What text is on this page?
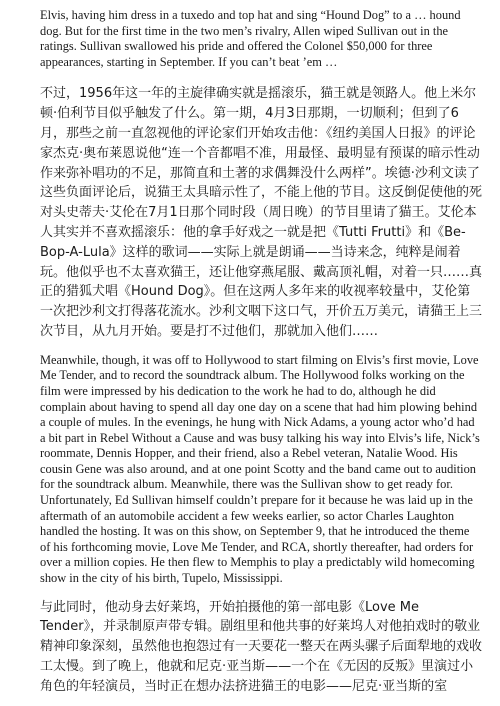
Elvis, having him dress in a tuxedo and top hat and sing “Hound Dog” to a … hound dog. But for the first time in the two men’s rivalry, Allen wiped Sullivan out in the ratings. Sullivan swallowed his pride and offered the Colonel $50,000 for three appearances, starting in September. If you can’t beat ’em …

不过，1956年这一年的主旋律确实就是摇滚乐，猫王就是领路人。他上米尔顿·伯利节目似乎触发了什么。第一期，4月3日那期，一切顺利；但到了6月，那些之前一直忽视他的评论家们开始攻击他：《纽约美国人日报》的评论家杰克·奥布莱恩说他“连一个音都唱不准，用最怪、最明显有预谋的暗示性动作来弥补唱功的不足，那简直和土著的求偶舞没什么两样”。埃德·沙利文读了这些负面评论后，说猫王太具暗示性了，不能上他的节目。这反倒促使他的死对头史蒂夫·艾伦在7月1日那个同时段（周日晚）的节目里请了猫王。艾伦本人其实并不喜欢摇滚乐：他的拿手好戏之一就是把《Tutti Frutti》和《Be-Bop-A-Lula》这样的歌词——实际上就是朗诵——当诗来念，纯粹是闹着玩。他似乎也不太喜欢猫王，还让他穿燕尾服、戴高顶礼帽，对着一只……真正的猎狐犬唱《Hound Dog》。但在这两人多年来的收视率较量中，艾伦第一次把沙利文打得落花流水。沙利文咽下这口气，开价五万美元，请猫王上三次节目，从九月开始。要是打不过他们，那就加入他们……

Meanwhile, though, it was off to Hollywood to start filming on Elvis’s first movie, Love Me Tender, and to record the soundtrack album. The Hollywood folks working on the film were impressed by his dedication to the work he had to do, although he did complain about having to spend all day one day on a scene that had him plowing behind a couple of mules. In the evenings, he hung with Nick Adams, a young actor who’d had a bit part in Rebel Without a Cause and was busy talking his way into Elvis’s life, Nick’s roommate, Dennis Hopper, and their friend, also a Rebel veteran, Natalie Wood. His cousin Gene was also around, and at one point Scotty and the band came out to audition for the soundtrack album. Meanwhile, there was the Sullivan show to get ready for. Unfortunately, Ed Sullivan himself couldn’t prepare for it because he was laid up in the aftermath of an automobile accident a few weeks earlier, so actor Charles Laughton handled the hosting. It was on this show, on September 9, that he introduced the theme of his forthcoming movie, Love Me Tender, and RCA, shortly thereafter, had orders for over a million copies. He then flew to Memphis to play a predictably wild homecoming show in the city of his birth, Tupelo, Mississippi.

与此同时，他动身去好莱坞，开始拍摄他的第一部电影《Love Me Tender》，并录制原声带专辑。剧组里和他共事的好莱坞人对他拍戏时的敬业精神印象深刻，虽然他也抱怨过有一天要花一整天在两头骡子后面犁地的戏收工太慢。到了晚上，他就和尼克·亚当斯——一个在《无因的反叛》里演过小角色的年轻演员，当时正在想办法挤进猫王的电影——尼克·亚当斯的室
